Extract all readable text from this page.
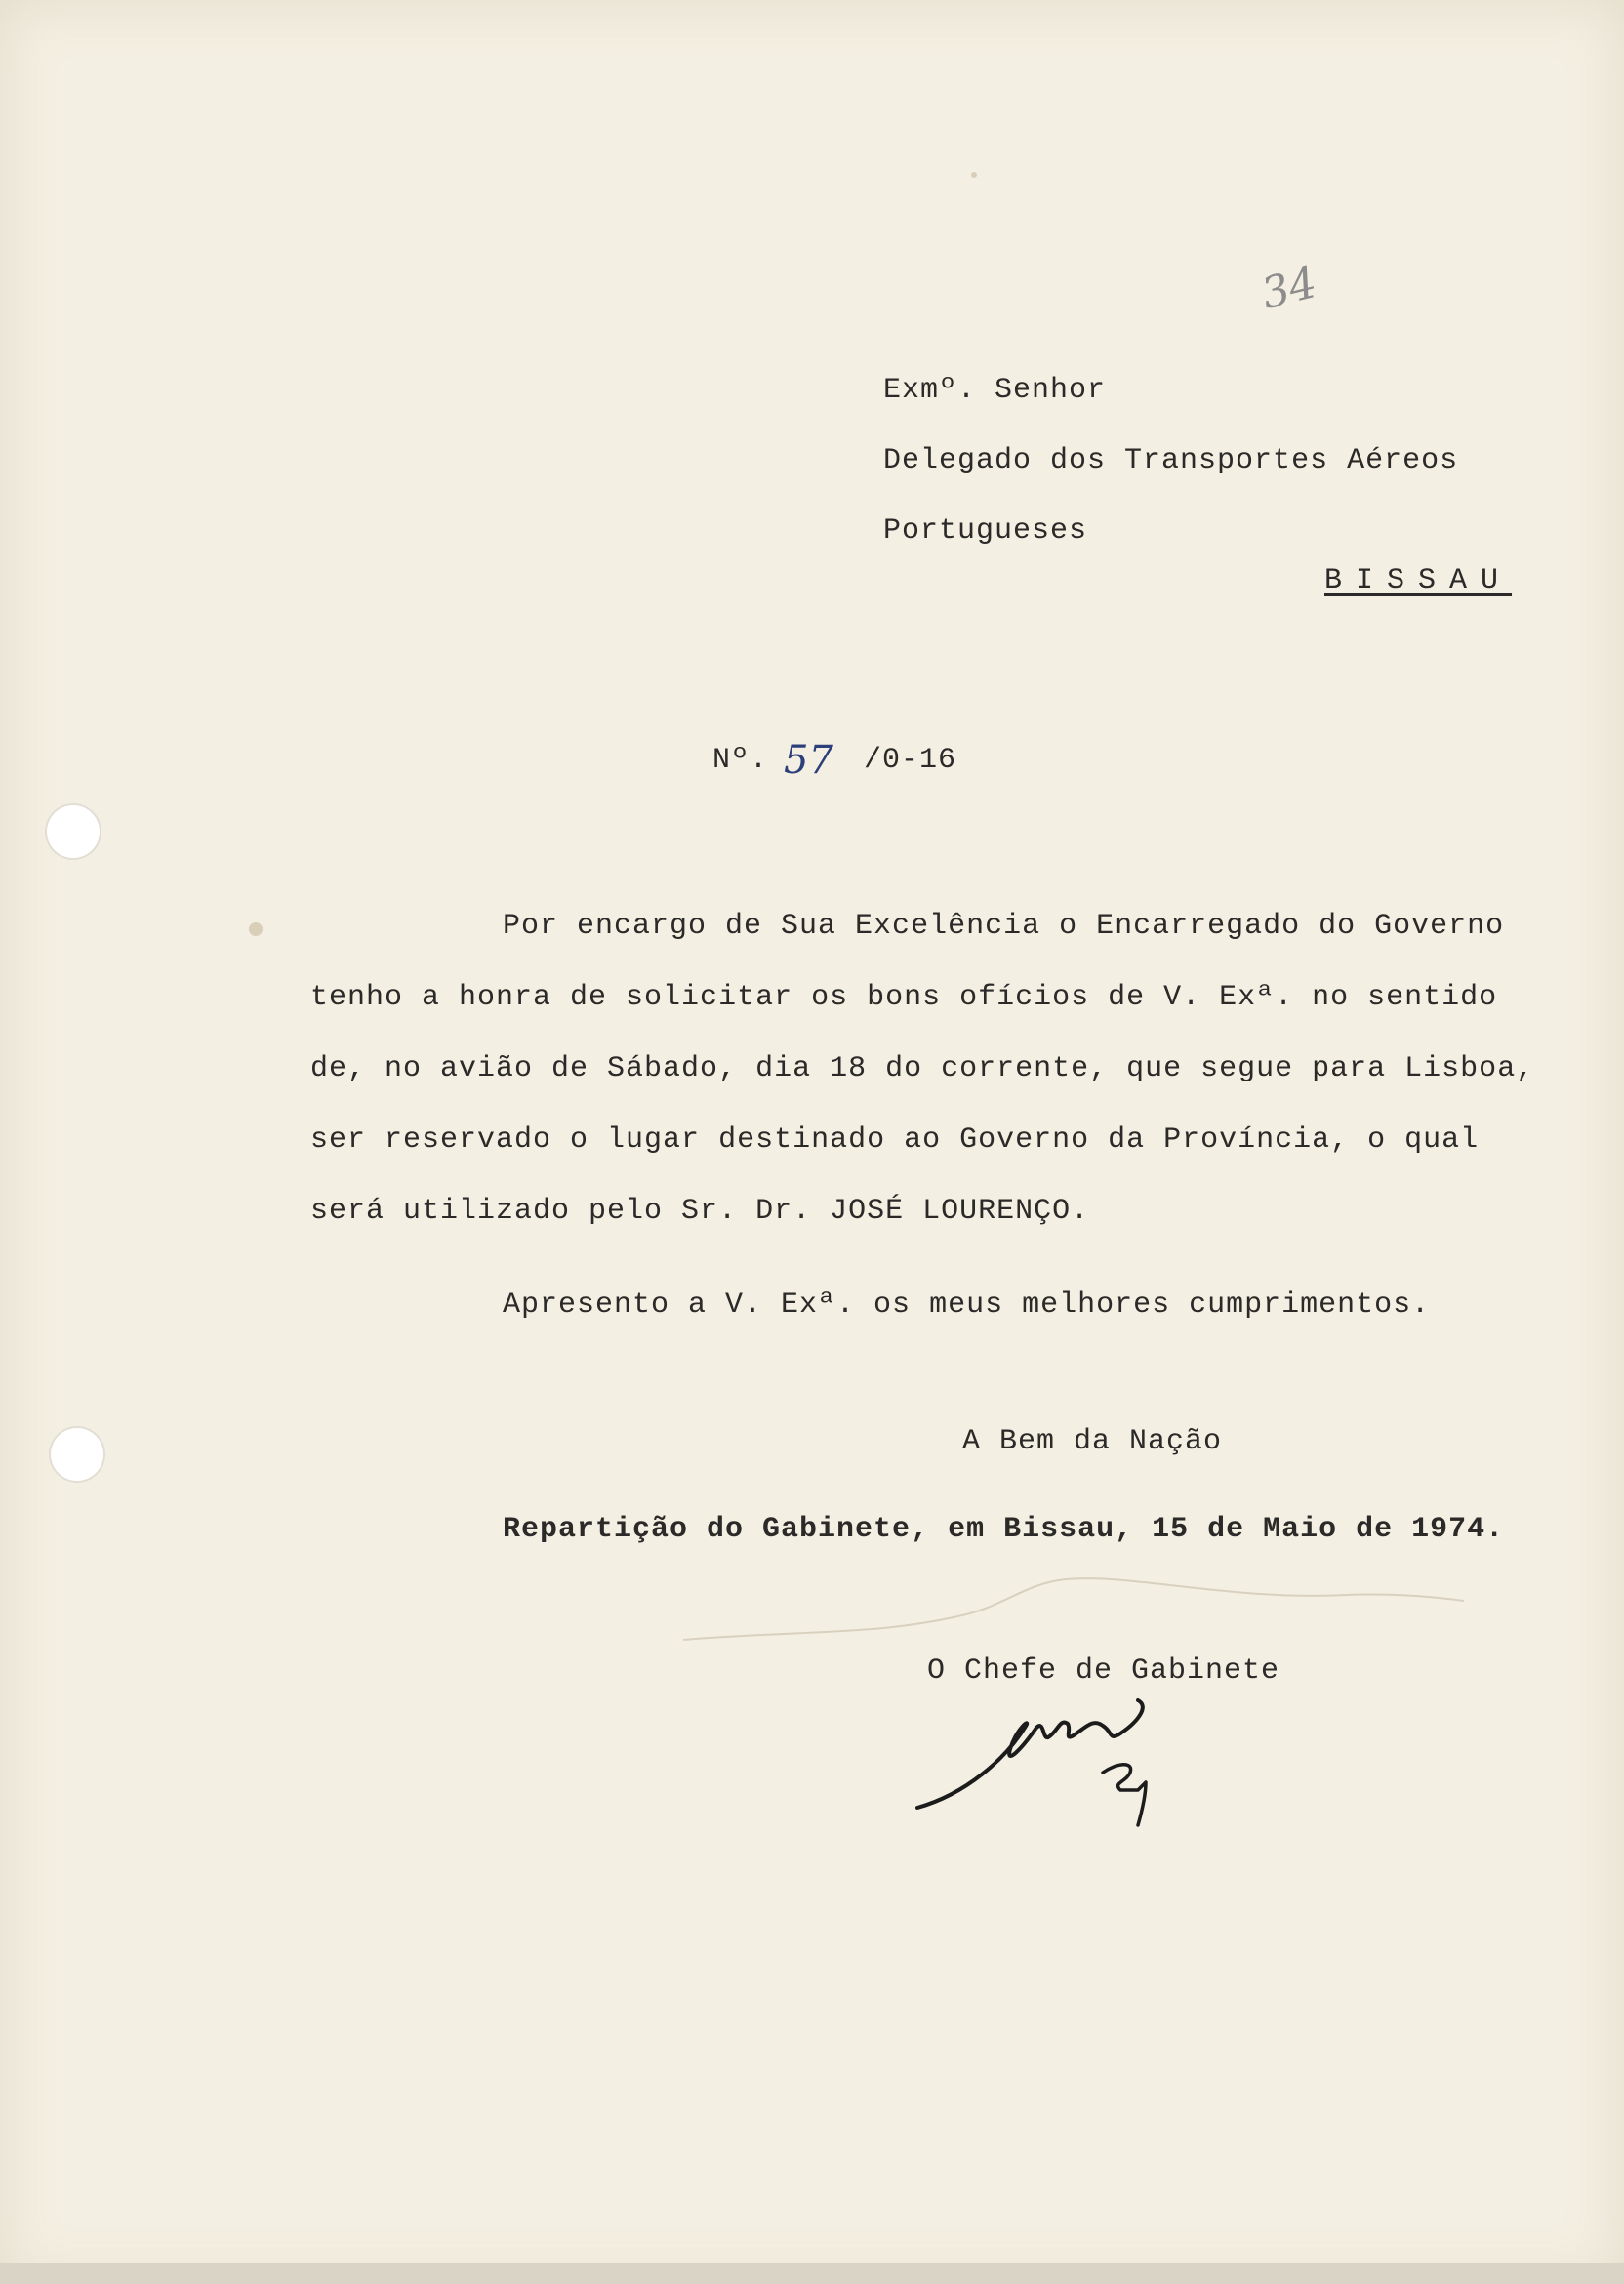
34
Exmº. Senhor
Delegado dos Transportes Aéreos
Portugueses
BISSAU
Nº. 57 /0-16
Por encargo de Sua Excelência o Encarregado do Governo
tenho a honra de solicitar os bons ofícios de V. Exª. no sentido
de, no avião de Sábado, dia 18 do corrente, que segue para Lisboa,
ser reservado o lugar destinado ao Governo da Província, o qual
será utilizado pelo Sr. Dr. JOSÉ LOURENÇO.
Apresento a V. Exª. os meus melhores cumprimentos.
A Bem da Nação
Repartição do Gabinete, em Bissau, 15 de Maio de 1974.
O Chefe de Gabinete
